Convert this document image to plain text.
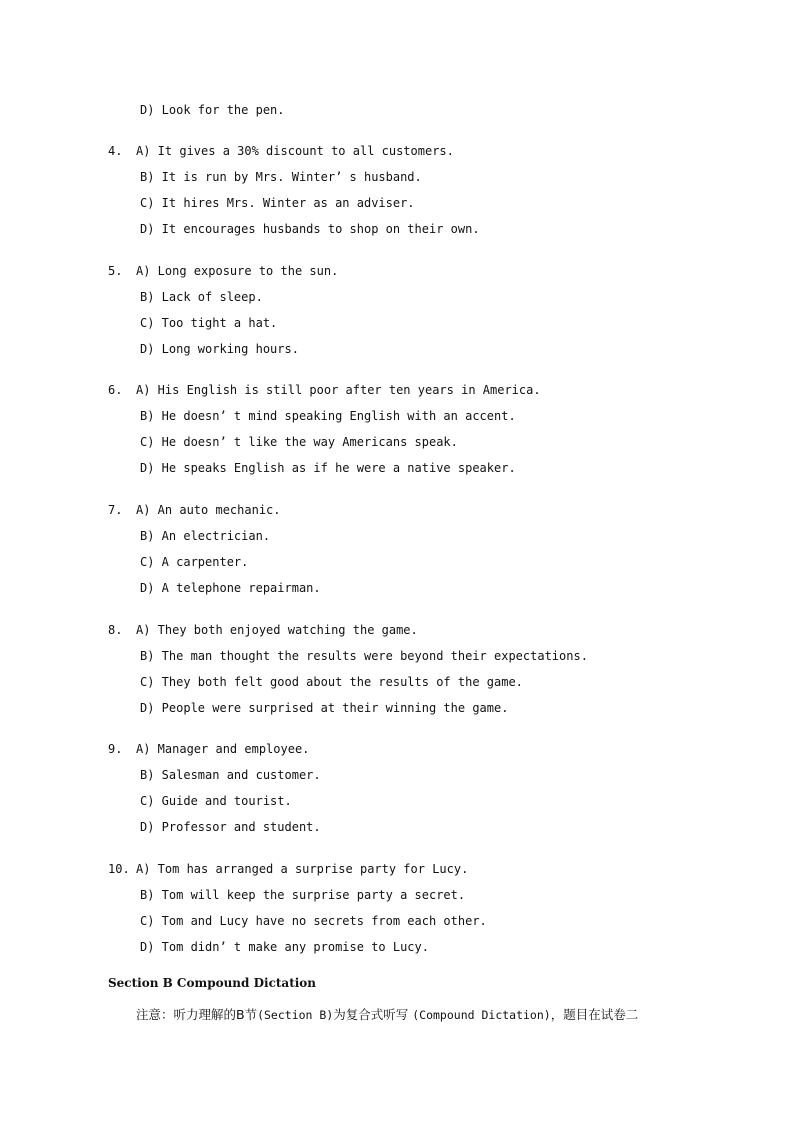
D) Look for the pen.
4. A) It gives a 30% discount to all customers.
B) It is run by Mrs. Winter’ s husband.
C) It hires Mrs. Winter as an adviser.
D) It encourages husbands to shop on their own.
5. A) Long exposure to the sun.
B) Lack of sleep.
C) Too tight a hat.
D) Long working hours.
6. A) His English is still poor after ten years in America.
B) He doesn’ t mind speaking English with an accent.
C) He doesn’ t like the way Americans speak.
D) He speaks English as if he were a native speaker.
7. A) An auto mechanic.
B) An electrician.
C) A carpenter.
D) A telephone repairman.
8. A) They both enjoyed watching the game.
B) The man thought the results were beyond their expectations.
C) They both felt good about the results of the game.
D) People were surprised at their winning the game.
9. A) Manager and employee.
B) Salesman and customer.
C) Guide and tourist.
D) Professor and student.
10. A) Tom has arranged a surprise party for Lucy.
B) Tom will keep the surprise party a secret.
C) Tom and Lucy have no secrets from each other.
D) Tom didn’ t make any promise to Lucy.
Section B Compound Dictation
注意：听力理解的B节(Section B)为复合式听写 (Compound Dictation)，题目在试卷二
